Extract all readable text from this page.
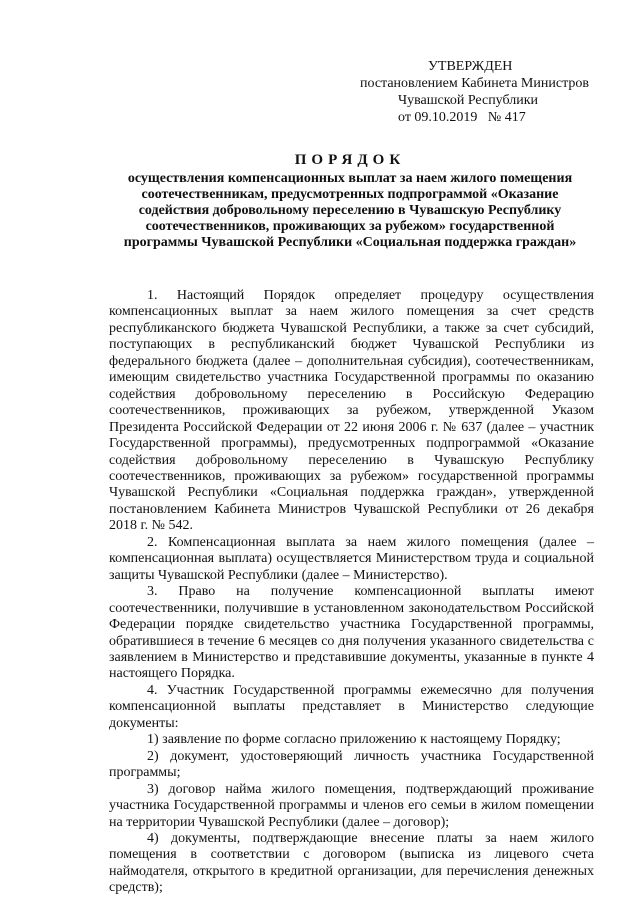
УТВЕРЖДЕН
постановлением Кабинета Министров
Чувашской Республики
от 09.10.2019   № 417
ПОРЯДОК
осуществления компенсационных выплат за наем жилого помещения соотечественникам, предусмотренных подпрограммой «Оказание содействия добровольному переселению в Чувашскую Республику соотечественников, проживающих за рубежом» государственной программы Чувашской Республики «Социальная поддержка граждан»

1. Настоящий Порядок определяет процедуру осуществления компенсационных выплат за наем жилого помещения за счет средств республиканского бюджета Чувашской Республики, а также за счет субсидий, поступающих в республиканский бюджет Чувашской Республики из федерального бюджета (далее – дополнительная субсидия), соотечественникам, имеющим свидетельство участника Государственной программы по оказанию содействия добровольному переселению в Российскую Федерацию соотечественников, проживающих за рубежом, утвержденной Указом Президента Российской Федерации от 22 июня 2006 г. № 637 (далее – участник Государственной программы), предусмотренных подпрограммой «Оказание содействия добровольному переселению в Чувашскую Республику соотечественников, проживающих за рубежом» государственной программы Чувашской Республики «Социальная поддержка граждан», утвержденной постановлением Кабинета Министров Чувашской Республики от 26 декабря 2018 г. № 542.

2. Компенсационная выплата за наем жилого помещения (далее – компенсационная выплата) осуществляется Министерством труда и социальной защиты Чувашской Республики (далее – Министерство).

3. Право на получение компенсационной выплаты имеют соотечественники, получившие в установленном законодательством Российской Федерации порядке свидетельство участника Государственной программы, обратившиеся в течение 6 месяцев со дня получения указанного свидетельства с заявлением в Министерство и представившие документы, указанные в пункте 4 настоящего Порядка.

4. Участник Государственной программы ежемесячно для получения компенсационной выплаты представляет в Министерство следующие документы:

1) заявление по форме согласно приложению к настоящему Порядку;

2) документ, удостоверяющий личность участника Государственной программы;

3) договор найма жилого помещения, подтверждающий проживание участника Государственной программы и членов его семьи в жилом помещении на территории Чувашской Республики (далее – договор);

4) документы, подтверждающие внесение платы за наем жилого помещения в соответствии с договором (выписка из лицевого счета наймодателя, открытого в кредитной организации, для перечисления денежных средств);
